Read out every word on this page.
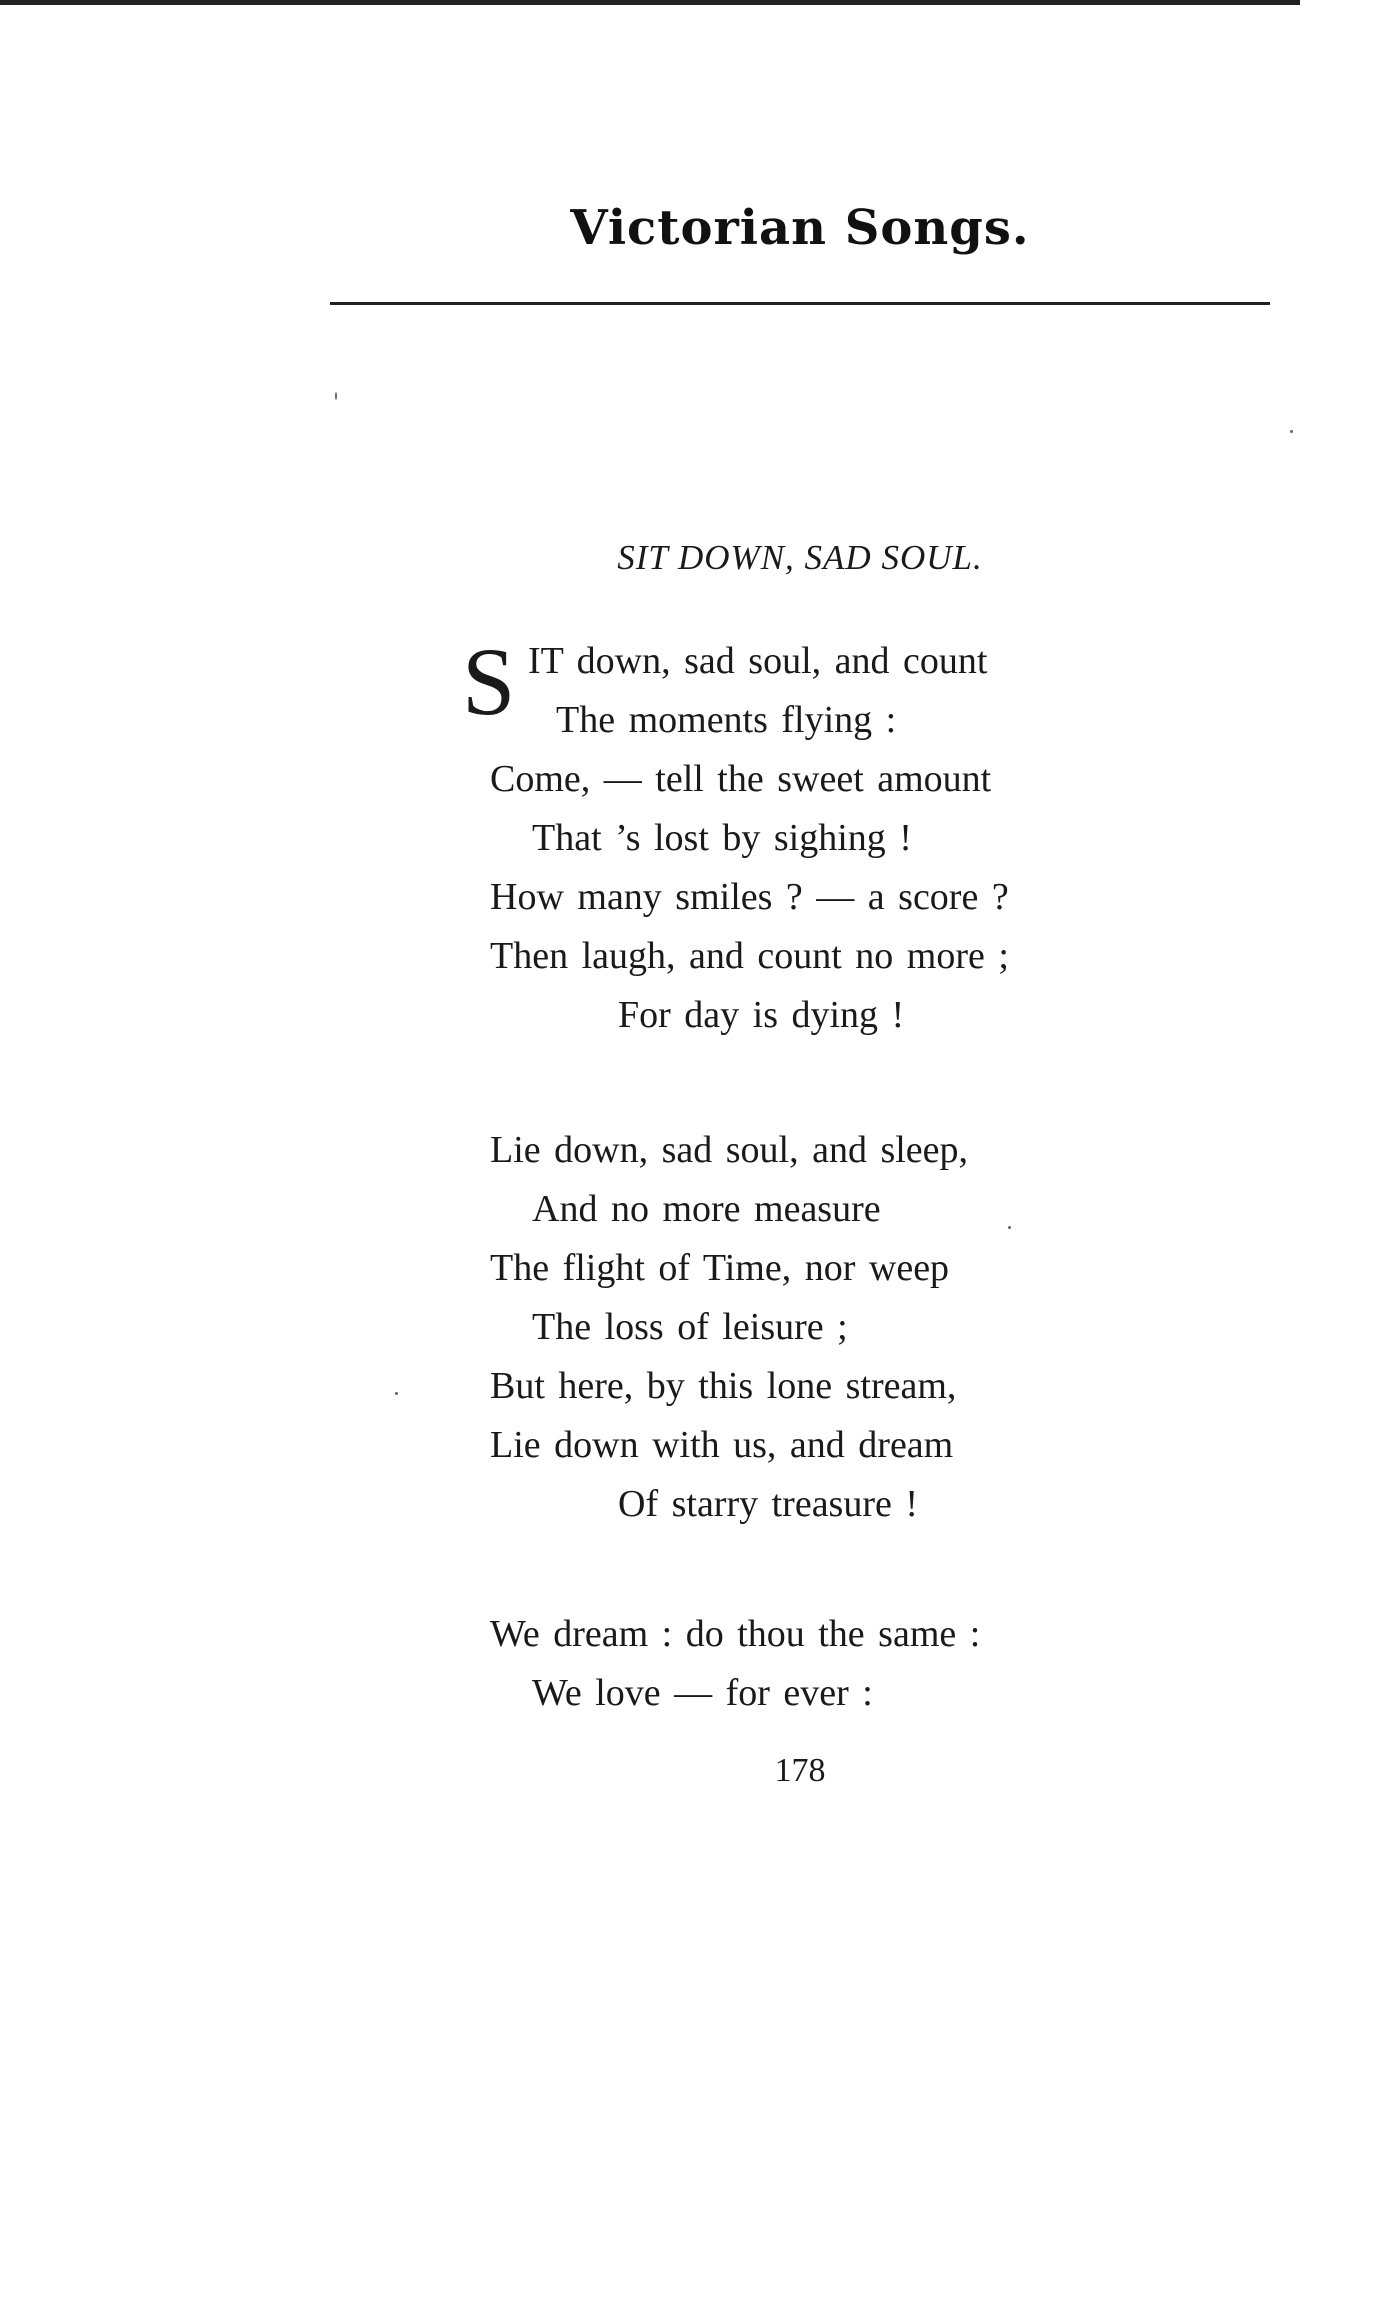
Victorian Songs.
SIT DOWN, SAD SOUL.
S IT down, sad soul, and count
The moments flying :
Come, — tell the sweet amount
That ’s lost by sighing !
How many smiles ? — a score ?
Then laugh, and count no more ;
For day is dying !
Lie down, sad soul, and sleep,
And no more measure
The flight of Time, nor weep
The loss of leisure ;
But here, by this lone stream,
Lie down with us, and dream
Of starry treasure !
We dream : do thou the same :
We love — for ever :
178
